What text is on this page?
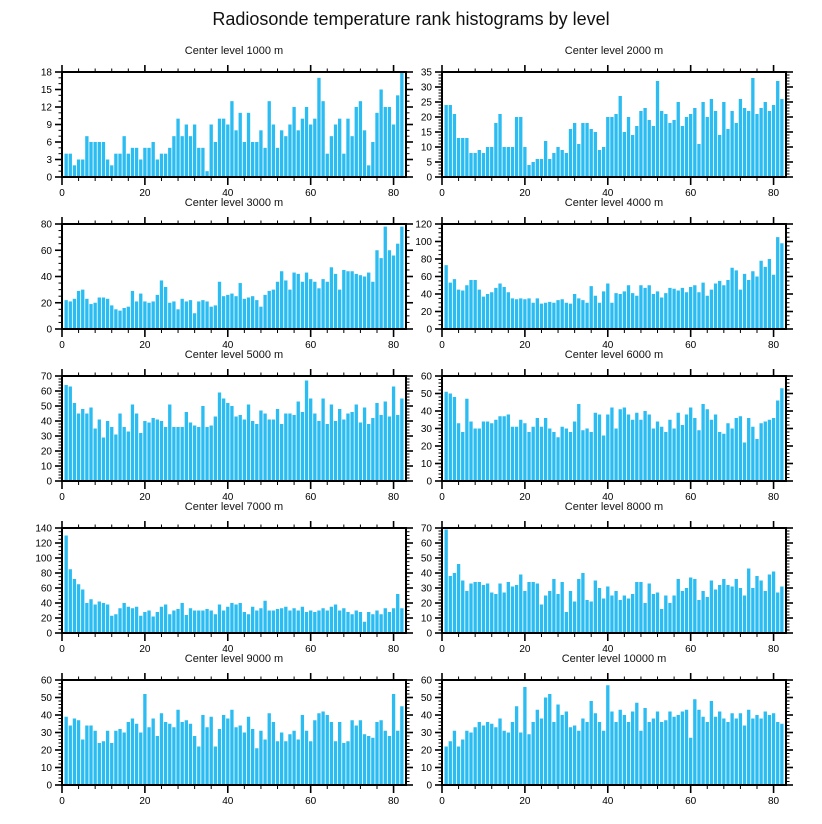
Radiosonde temperature rank histograms by level
Center level 1000 m
0
3
6
9
12
15
18
0	20	40	60	80
Center level 2000 m
0
5
10
15
20
25
30
35
0	20	40	60	80
Center level 3000 m
0
20
40
60
80
0	20	40	60	80
Center level 4000 m
0
20
40
60
80
100
120
0	20	40	60	80
Center level 5000 m
0
10
20
30
40
50
60
70
0	20	40	60	80
Center level 6000 m
0
10
20
30
40
50
60
0	20	40	60	80
Center level 7000 m
0
20
40
60
80
100
120
140
0	20	40	60	80
Center level 8000 m
0
10
20
30
40
50
60
70
0	20	40	60	80
Center level 9000 m
0
10
20
30
40
50
60
0	20	40	60	80
Center level 10000 m
0
10
20
30
40
50
60
0	20	40	60	80
